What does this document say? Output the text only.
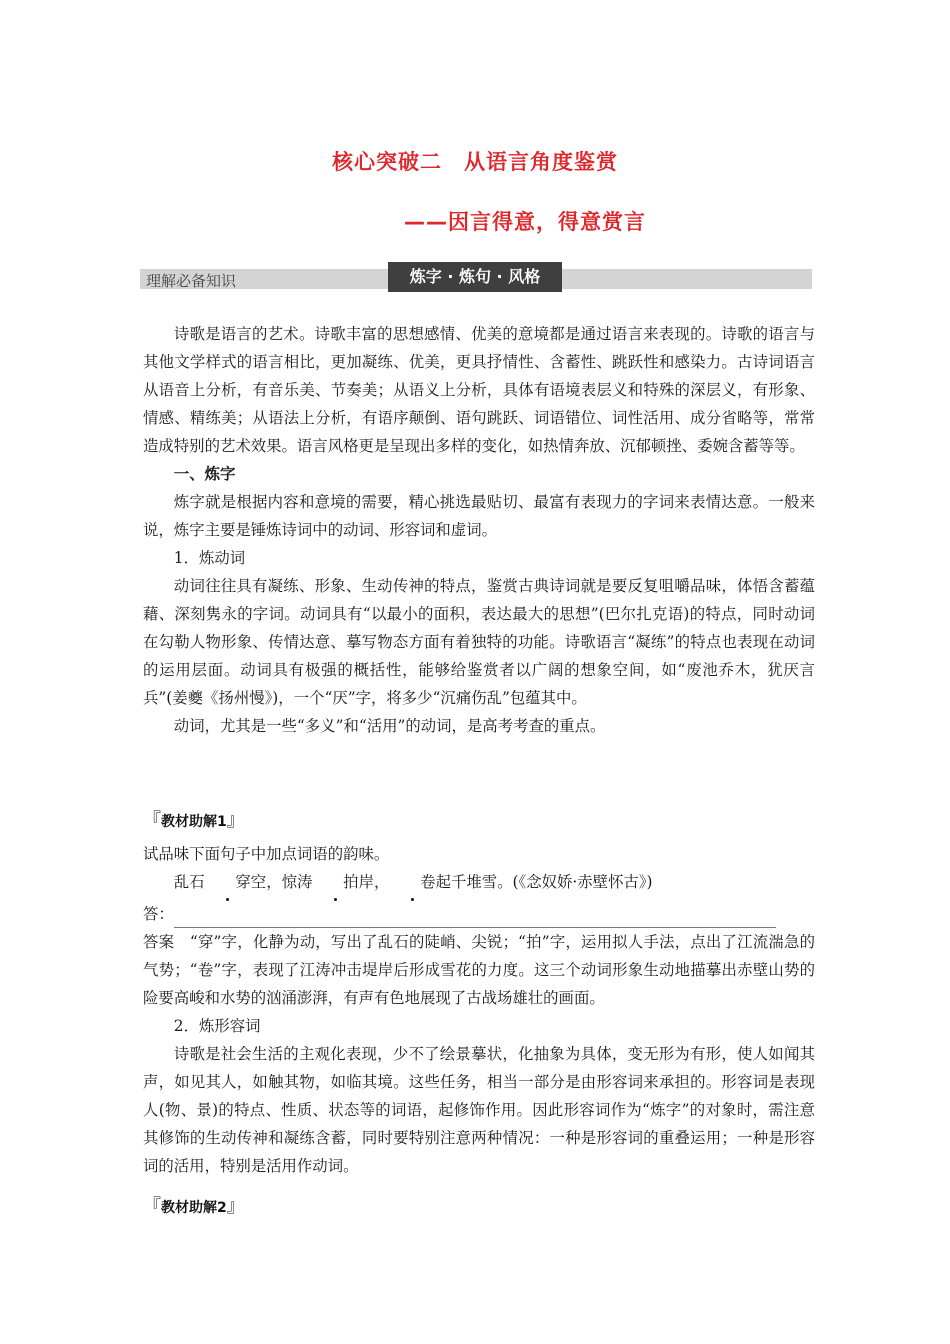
核心突破二　从语言角度鉴赏
——因言得意，得意赏言
理解必备知识	炼字 · 炼句 · 风格

诗歌是语言的艺术。诗歌丰富的思想感情、优美的意境都是通过语言来表现的。诗歌的语言与其他文学样式的语言相比，更加凝练、优美，更具抒情性、含蓄性、跳跃性和感染力。古诗词语言从语音上分析，有音乐美、节奏美；从语义上分析，具体有语境表层义和特殊的深层义，有形象、情感、精练美；从语法上分析，有语序颠倒、语句跳跃、词语错位、词性活用、成分省略等，常常造成特别的艺术效果。语言风格更是呈现出多样的变化，如热情奔放、沉郁顿挫、委婉含蓄等等。

一、炼字

炼字就是根据内容和意境的需要，精心挑选最贴切、最富有表现力的字词来表情达意。一般来说，炼字主要是锤炼诗词中的动词、形容词和虚词。

1．炼动词

动词往往具有凝练、形象、生动传神的特点，鉴赏古典诗词就是要反复咀嚼品味，体悟含蓄蕴藉、深刻隽永的字词。动词具有“以最小的面积，表达最大的思想”(巴尔扎克语)的特点，同时动词在勾勒人物形象、传情达意、摹写物态方面有着独特的功能。诗歌语言“凝练”的特点也表现在动词的运用层面。动词具有极强的概括性，能够给鉴赏者以广阔的想象空间，如“废池乔木，犹厌言兵”(姜夔《扬州慢》)，一个“厌”字，将多少“沉痛伤乱”包蕴其中。

动词，尤其是一些“多义”和“活用”的动词，是高考考查的重点。

『教材助解1』

试品味下面句子中加点词语的韵味。

乱石 穿空，惊涛 拍岸， 卷起千堆雪。(《念奴娇·赤壁怀古》)

答：

答案　 “穿”字，化静为动，写出了乱石的陡峭、尖锐；“拍”字，运用拟人手法，点出了江流湍急的气势；“卷”字，表现了江涛冲击堤岸后形成雪花的力度。这三个动词形象生动地描摹出赤壁山势的险要高峻和水势的汹涌澎湃，有声有色地展现了古战场雄壮的画面。

2．炼形容词

诗歌是社会生活的主观化表现，少不了绘景摹状，化抽象为具体，变无形为有形，使人如闻其声，如见其人，如触其物，如临其境。这些任务，相当一部分是由形容词来承担的。形容词是表现人(物、景)的特点、性质、状态等的词语，起修饰作用。因此形容词作为“炼字”的对象时，需注意其修饰的生动传神和凝练含蓄，同时要特别注意两种情况：一种是形容词的重叠运用；一种是形容词的活用，特别是活用作动词。

『教材助解2』
